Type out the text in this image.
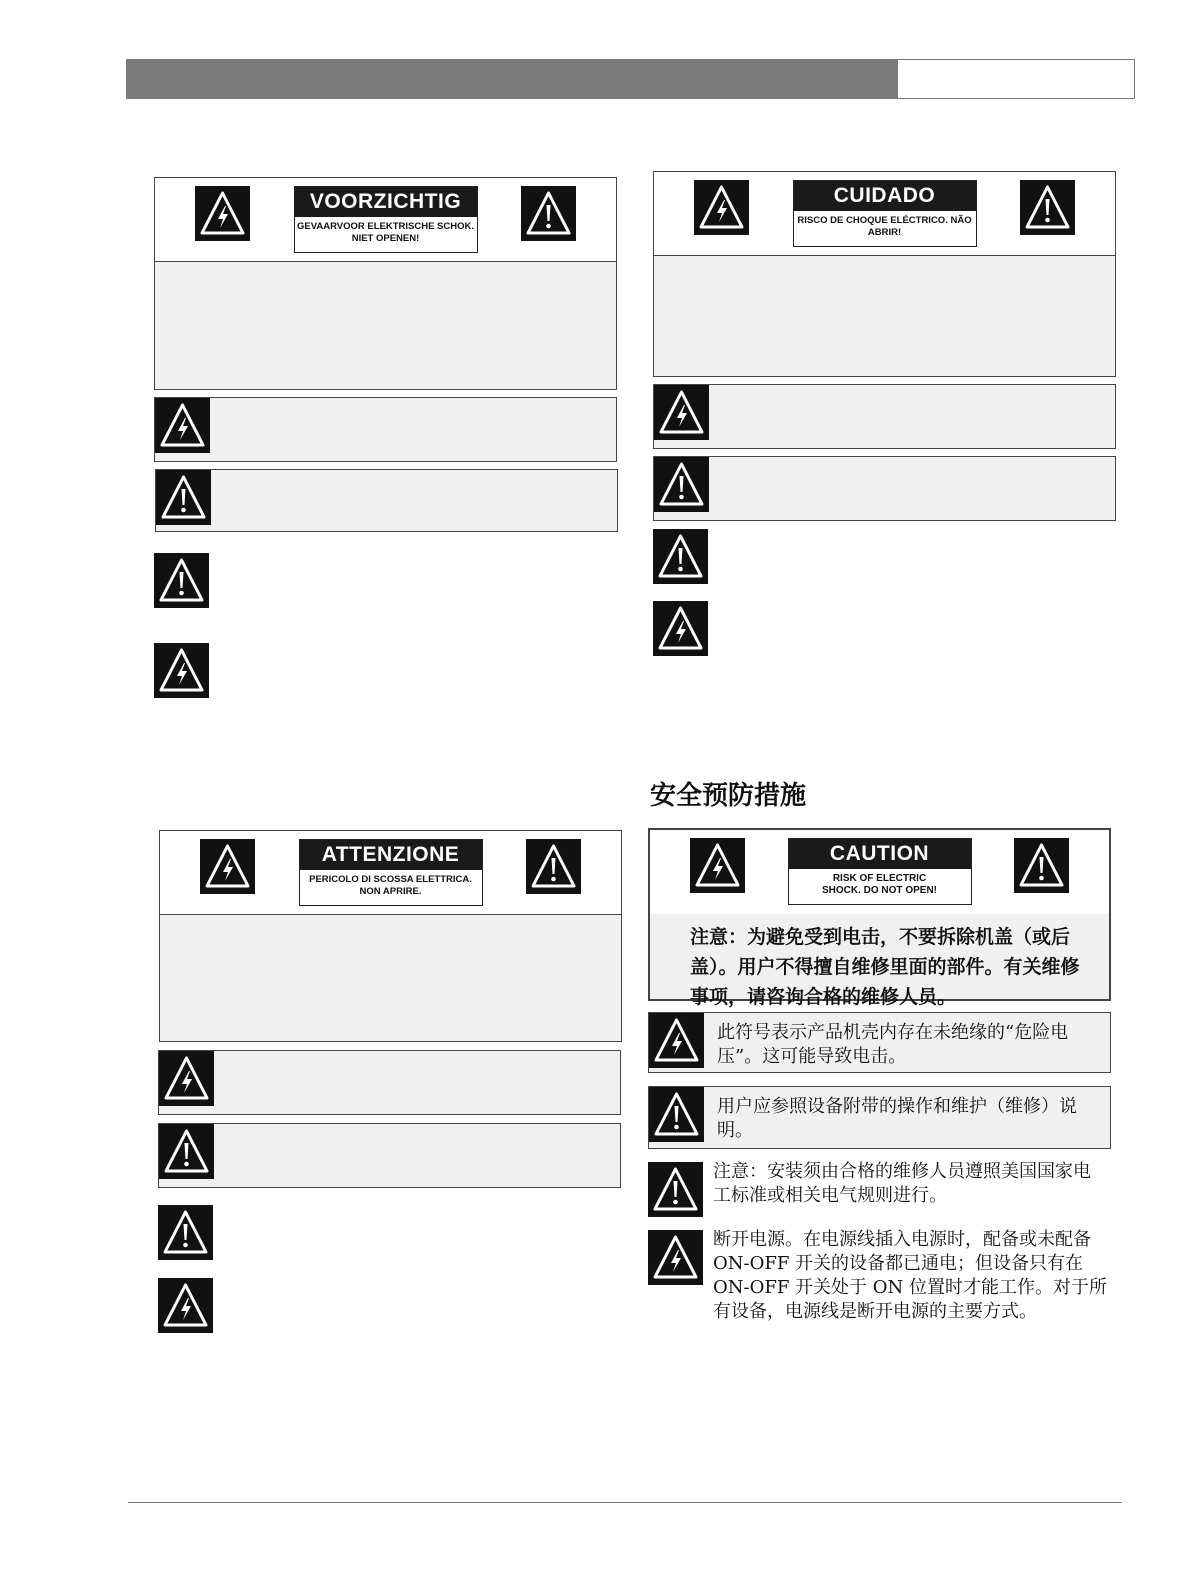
VOORZICHTIG
GEVAARVOOR ELEKTRISCHE SCHOK. NIET OPENEN!
CUIDADO
RISCO DE CHOQUE ELÉCTRICO. NÃO ABRIR!
ATTENZIONE
PERICOLO DI SCOSSA ELETTRICA. NON APRIRE.
安全预防措施
CAUTION
RISK OF ELECTRIC SHOCK. DO NOT OPEN!
注意：为避免受到电击，不要拆除机盖（或后盖）。用户不得擅自维修里面的部件。有关维修事项，请咨询合格的维修人员。
此符号表示产品机壳内存在未绝缘的“危险电压”。这可能导致电击。
用户应参照设备附带的操作和维护（维修）说明。
注意：安装须由合格的维修人员遵照美国国家电工标准或相关电气规则进行。
断开电源。在电源线插入电源时，配备或未配备ON-OFF 开关的设备都已通电；但设备只有在ON-OFF 开关处于 ON 位置时才能工作。对于所有设备，电源线是断开电源的主要方式。
